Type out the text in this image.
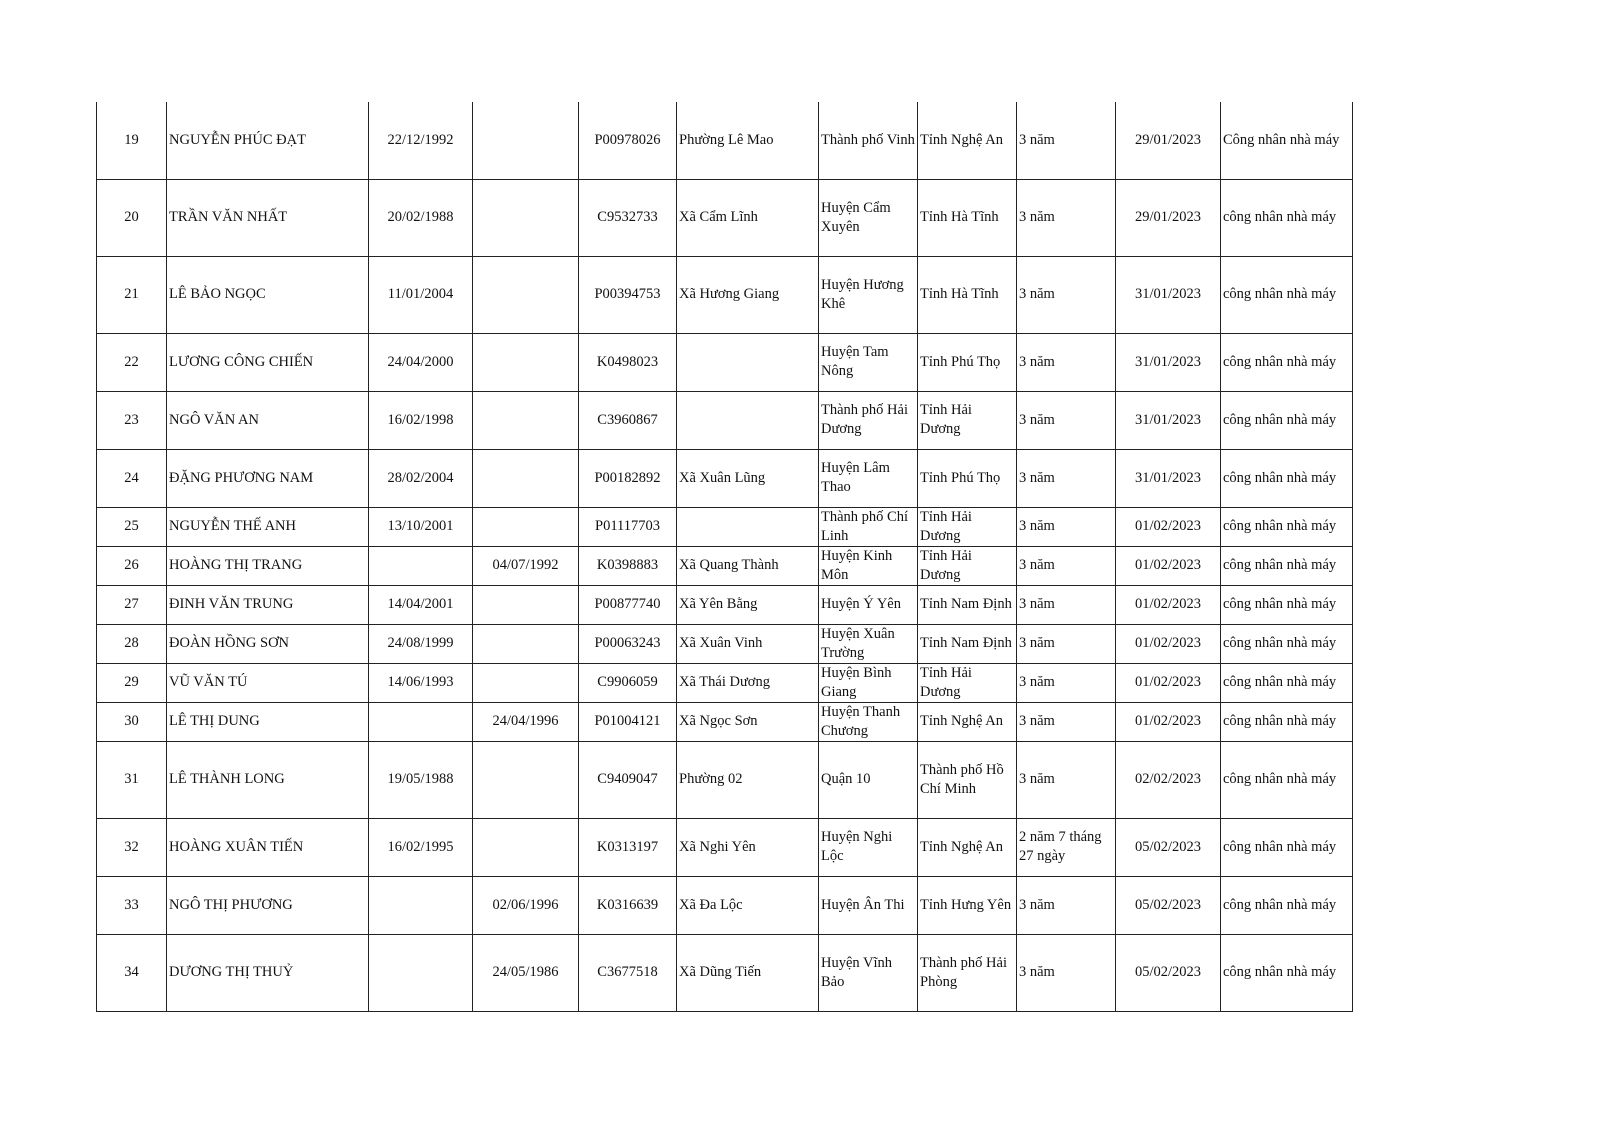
19	NGUYỄN PHÚC ĐẠT	22/12/1992		P00978026	Phường Lê Mao	Thành phố Vinh	Tỉnh Nghệ An	3 năm	29/01/2023	Công nhân nhà máy
20	TRẦN VĂN NHẤT	20/02/1988		C9532733	Xã Cẩm Lĩnh	Huyện Cẩm Xuyên	Tỉnh Hà Tĩnh	3 năm	29/01/2023	công nhân nhà máy
21	LÊ BẢO NGỌC	11/01/2004		P00394753	Xã Hương Giang	Huyện Hương Khê	Tỉnh Hà Tĩnh	3 năm	31/01/2023	công nhân nhà máy
22	LƯƠNG CÔNG CHIẾN	24/04/2000		K0498023		Huyện Tam Nông	Tỉnh Phú Thọ	3 năm	31/01/2023	công nhân nhà máy
23	NGÔ VĂN AN	16/02/1998		C3960867		Thành phố Hải Dương	Tỉnh Hải Dương	3 năm	31/01/2023	công nhân nhà máy
24	ĐẶNG PHƯƠNG NAM	28/02/2004		P00182892	Xã Xuân Lũng	Huyện Lâm Thao	Tỉnh Phú Thọ	3 năm	31/01/2023	công nhân nhà máy
25	NGUYỄN THẾ ANH	13/10/2001		P01117703		Thành phố Chí Linh	Tỉnh Hải Dương	3 năm	01/02/2023	công nhân nhà máy
26	HOÀNG THỊ TRANG		04/07/1992	K0398883	Xã Quang Thành	Huyện Kinh Môn	Tỉnh Hải Dương	3 năm	01/02/2023	công nhân nhà máy
27	ĐINH VĂN TRUNG	14/04/2001		P00877740	Xã Yên Bằng	Huyện Ý Yên	Tỉnh Nam Định	3 năm	01/02/2023	công nhân nhà máy
28	ĐOÀN HỒNG SƠN	24/08/1999		P00063243	Xã Xuân Vinh	Huyện Xuân Trường	Tỉnh Nam Định	3 năm	01/02/2023	công nhân nhà máy
29	VŨ VĂN TÚ	14/06/1993		C9906059	Xã Thái Dương	Huyện Bình Giang	Tỉnh Hải Dương	3 năm	01/02/2023	công nhân nhà máy
30	LÊ THỊ DUNG		24/04/1996	P01004121	Xã Ngọc Sơn	Huyện Thanh Chương	Tỉnh Nghệ An	3 năm	01/02/2023	công nhân nhà máy
31	LÊ THÀNH LONG	19/05/1988		C9409047	Phường 02	Quận 10	Thành phố Hồ Chí Minh	3 năm	02/02/2023	công nhân nhà máy
32	HOÀNG XUÂN TIẾN	16/02/1995		K0313197	Xã Nghi Yên	Huyện Nghi Lộc	Tỉnh Nghệ An	2 năm 7 tháng 27 ngày	05/02/2023	công nhân nhà máy
33	NGÔ THỊ PHƯƠNG		02/06/1996	K0316639	Xã Đa Lộc	Huyện Ân Thi	Tỉnh Hưng Yên	3 năm	05/02/2023	công nhân nhà máy
34	DƯƠNG THỊ THUỶ		24/05/1986	C3677518	Xã Dũng Tiến	Huyện Vĩnh Bảo	Thành phố Hải Phòng	3 năm	05/02/2023	công nhân nhà máy
